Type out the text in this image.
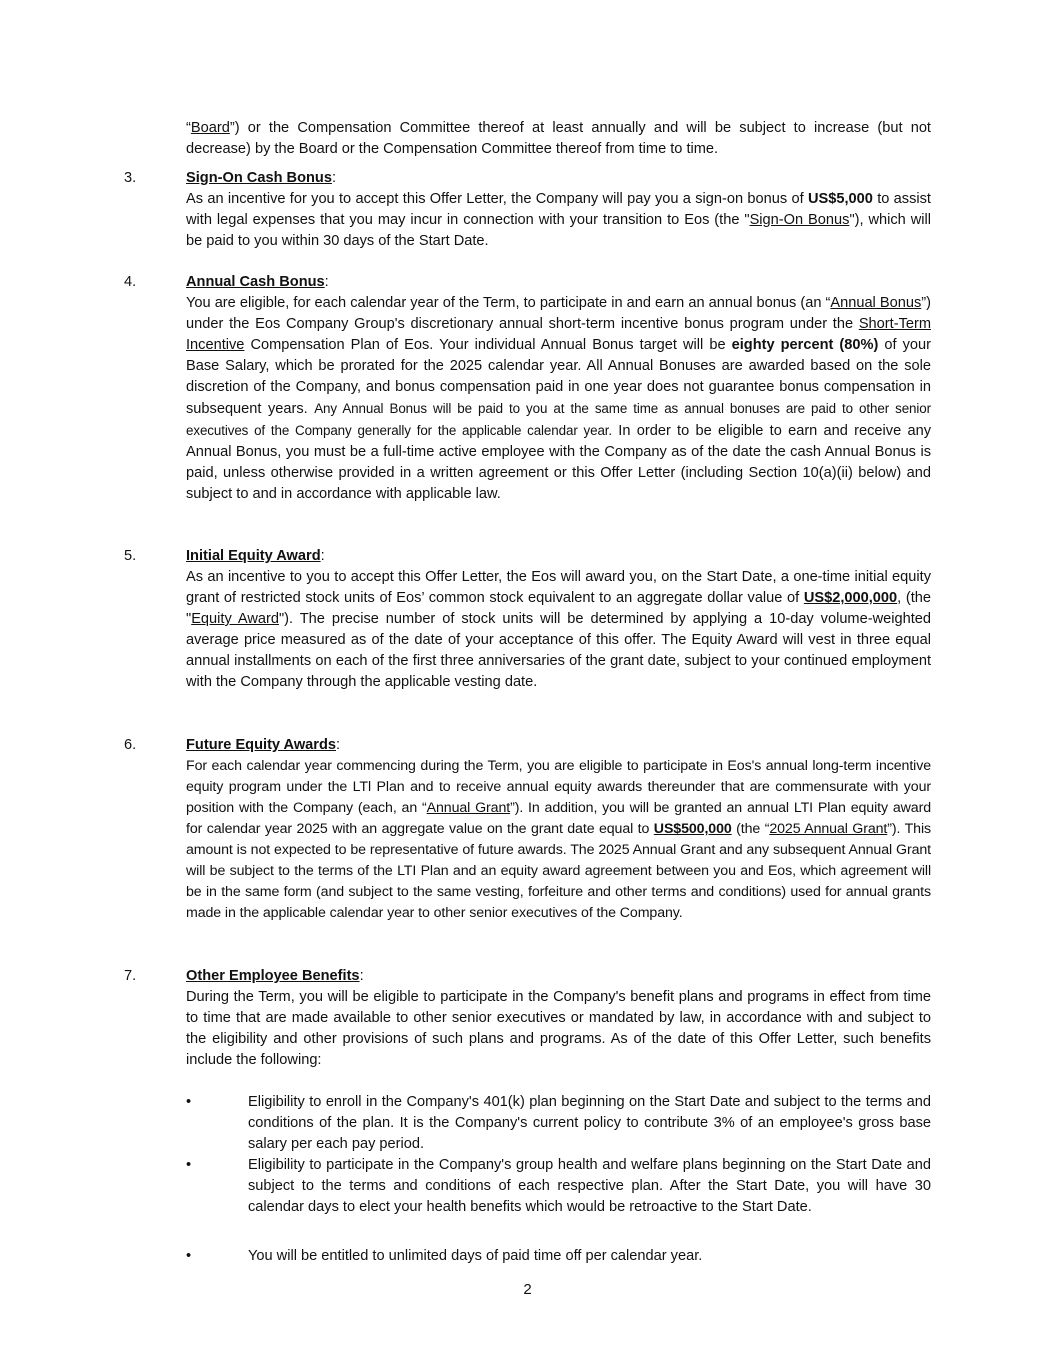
“Board”) or the Compensation Committee thereof at least annually and will be subject to increase (but not decrease) by the Board or the Compensation Committee thereof from time to time.

3.	Sign-On Cash Bonus:

As an incentive for you to accept this Offer Letter, the Company will pay you a sign-on bonus of US$5,000 to assist with legal expenses that you may incur in connection with your transition to Eos (the "Sign-On Bonus"), which will be paid to you within 30 days of the Start Date.

4.	Annual Cash Bonus:

You are eligible, for each calendar year of the Term, to participate in and earn an annual bonus (an “Annual Bonus”) under the Eos Company Group's discretionary annual short-term incentive bonus program under the Short-Term Incentive Compensation Plan of Eos. Your individual Annual Bonus target will be eighty percent (80%) of your Base Salary, which be prorated for the 2025 calendar year. All Annual Bonuses are awarded based on the sole discretion of the Company, and bonus compensation paid in one year does not guarantee bonus compensation in subsequent years. Any Annual Bonus will be paid to you at the same time as annual bonuses are paid to other senior executives of the Company generally for the applicable calendar year. In order to be eligible to earn and receive any Annual Bonus, you must be a full-time active employee with the Company as of the date the cash Annual Bonus is paid, unless otherwise provided in a written agreement or this Offer Letter (including Section 10(a)(ii) below) and subject to and in accordance with applicable law.

5.	Initial Equity Award:

As an incentive to you to accept this Offer Letter, the Eos will award you, on the Start Date, a one-time initial equity grant of restricted stock units of Eos’ common stock equivalent to an aggregate dollar value of US$2,000,000, (the "Equity Award"). The precise number of stock units will be determined by applying a 10-day volume-weighted average price measured as of the date of your acceptance of this offer. The Equity Award will vest in three equal annual installments on each of the first three anniversaries of the grant date, subject to your continued employment with the Company through the applicable vesting date.

6.	Future Equity Awards:

For each calendar year commencing during the Term, you are eligible to participate in Eos's annual long-term incentive equity program under the LTl Plan and to receive annual equity awards thereunder that are commensurate with your position with the Company (each, an “Annual Grant”). In addition, you will be granted an annual LTI Plan equity award for calendar year 2025 with an aggregate value on the grant date equal to US$500,000 (the “2025 Annual Grant”). This amount is not expected to be representative of future awards. The 2025 Annual Grant and any subsequent Annual Grant will be subject to the terms of the LTI Plan and an equity award agreement between you and Eos, which agreement will be in the same form (and subject to the same vesting, forfeiture and other terms and conditions) used for annual grants made in the applicable calendar year to other senior executives of the Company.

7.	Other Employee Benefits:

During the Term, you will be eligible to participate in the Company's benefit plans and programs in effect from time to time that are made available to other senior executives or mandated by law, in accordance with and subject to the eligibility and other provisions of such plans and programs. As of the date of this Offer Letter, such benefits include the following:

•	Eligibility to enroll in the Company's 401(k) plan beginning on the Start Date and subject to the terms and conditions of the plan. It is the Company's current policy to contribute 3% of an employee's gross base salary per each pay period.

•	Eligibility to participate in the Company's group health and welfare plans beginning on the Start Date and subject to the terms and conditions of each respective plan. After the Start Date, you will have 30 calendar days to elect your health benefits which would be retroactive to the Start Date.

•	You will be entitled to unlimited days of paid time off per calendar year.

2
